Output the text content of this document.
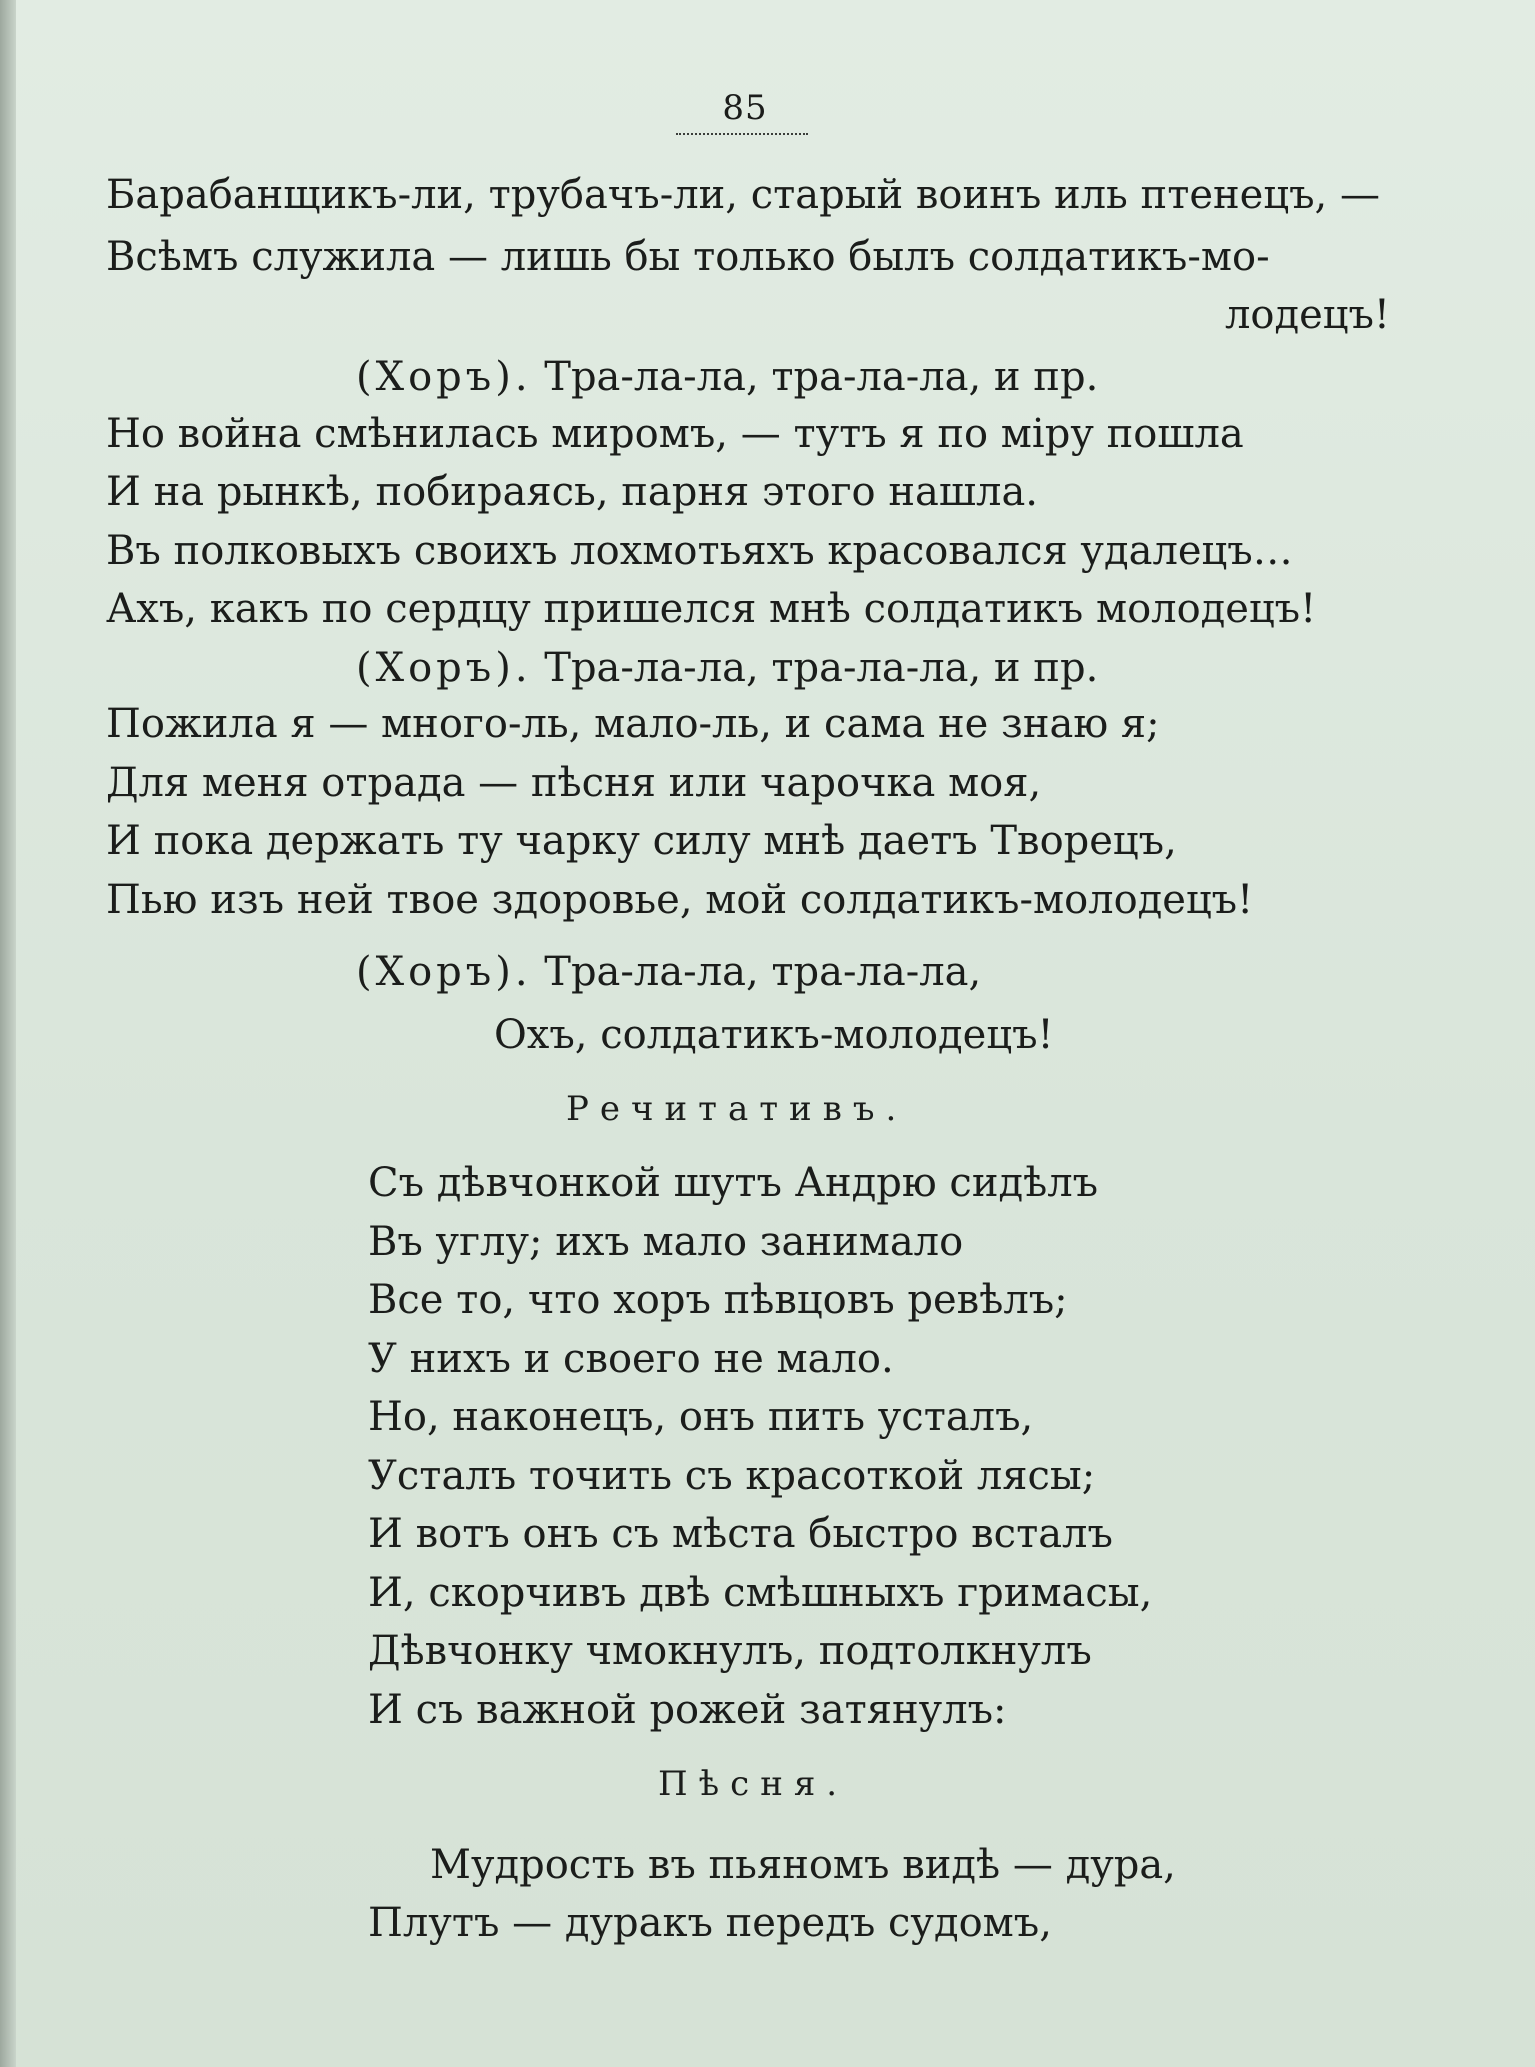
85
Барабанщикъ-ли, трубачъ-ли, старый воинъ иль птенецъ, —
Всѣмъ служила — лишь бы только былъ солдатикъ-мо-
лодецъ!
(Хоръ). Тра-ла-ла, тра-ла-ла, и пр.
Но война смѣнилась миромъ, — тутъ я по міру пошла
И на рынкѣ, побираясь, парня этого нашла.
Въ полковыхъ своихъ лохмотьяхъ красовался удалецъ…
Ахъ, какъ по сердцу пришелся мнѣ солдатикъ молодецъ!
(Хоръ). Тра-ла-ла, тра-ла-ла, и пр.
Пожила я — много-ль, мало-ль, и сама не знаю я;
Для меня отрада — пѣсня или чарочка моя,
И пока держать ту чарку силу мнѣ даетъ Творецъ,
Пью изъ ней твое здоровье, мой солдатикъ-молодецъ!
(Хоръ). Тра-ла-ла, тра-ла-ла,
Охъ, солдатикъ-молодецъ!
Речитативъ.
Съ дѣвчонкой шутъ Андрю сидѣлъ
Въ углу; ихъ мало занимало
Все то, что хоръ пѣвцовъ ревѣлъ;
У нихъ и своего не мало.
Но, наконецъ, онъ пить усталъ,
Усталъ точить съ красоткой лясы;
И вотъ онъ съ мѣста быстро всталъ
И, скорчивъ двѣ смѣшныхъ гримасы,
Дѣвчонку чмокнулъ, подтолкнулъ
И съ важной рожей затянулъ:
Пѣсня.
Мудрость въ пьяномъ видѣ — дура,
Плутъ — дуракъ передъ судомъ,
